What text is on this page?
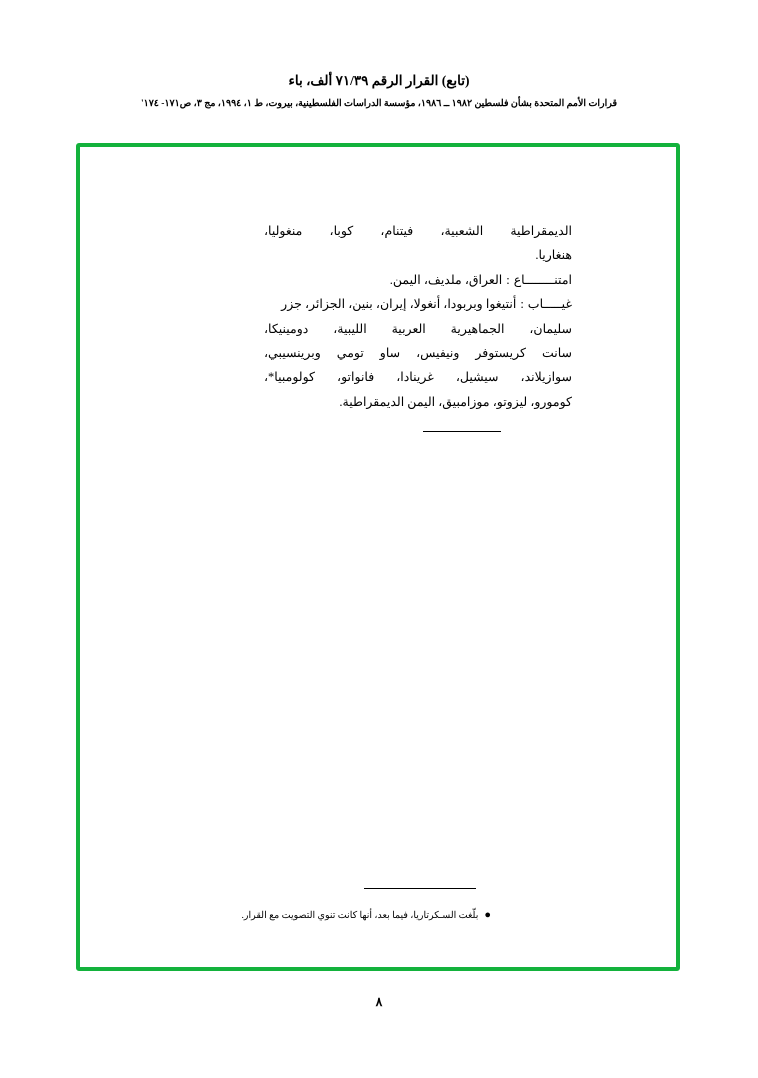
(تابع) القرار الرقم ٧١/٣٩ ألف، باء
قرارات الأمم المتحدة بشأن فلسطين ١٩٨٢ ــ ١٩٨٦، مؤسسة الدراسات الفلسطينية، بيروت، ط ١، ١٩٩٤، مج ٣، ص١٧١- ١٧٤'
الديمقراطية الشعبية، فيتنام، كوبا، منغوليا،
هنغاريا.
امتنــــــــاع
:
العراق، ملديف، اليمن.
غيـــــاب
:
أنتيغوا وبربودا، أنغولا، إيران، بنين، الجزائر، جزر
سليمان، الجماهيرية العربية الليبية، دومينيكا،
سانت كريستوفر ونيفيس، ساو تومي وبرينسيبي،
سوازيلاند، سيشيل، غرينادا، فانواتو، كولومبيا*،
كومورو، ليزوتو، موزامبيق، اليمن الديمقراطية.
●
بلّغت السـكرتاريا، فيما بعد، أنها كانت تنوي التصويت مع القرار.
٨
